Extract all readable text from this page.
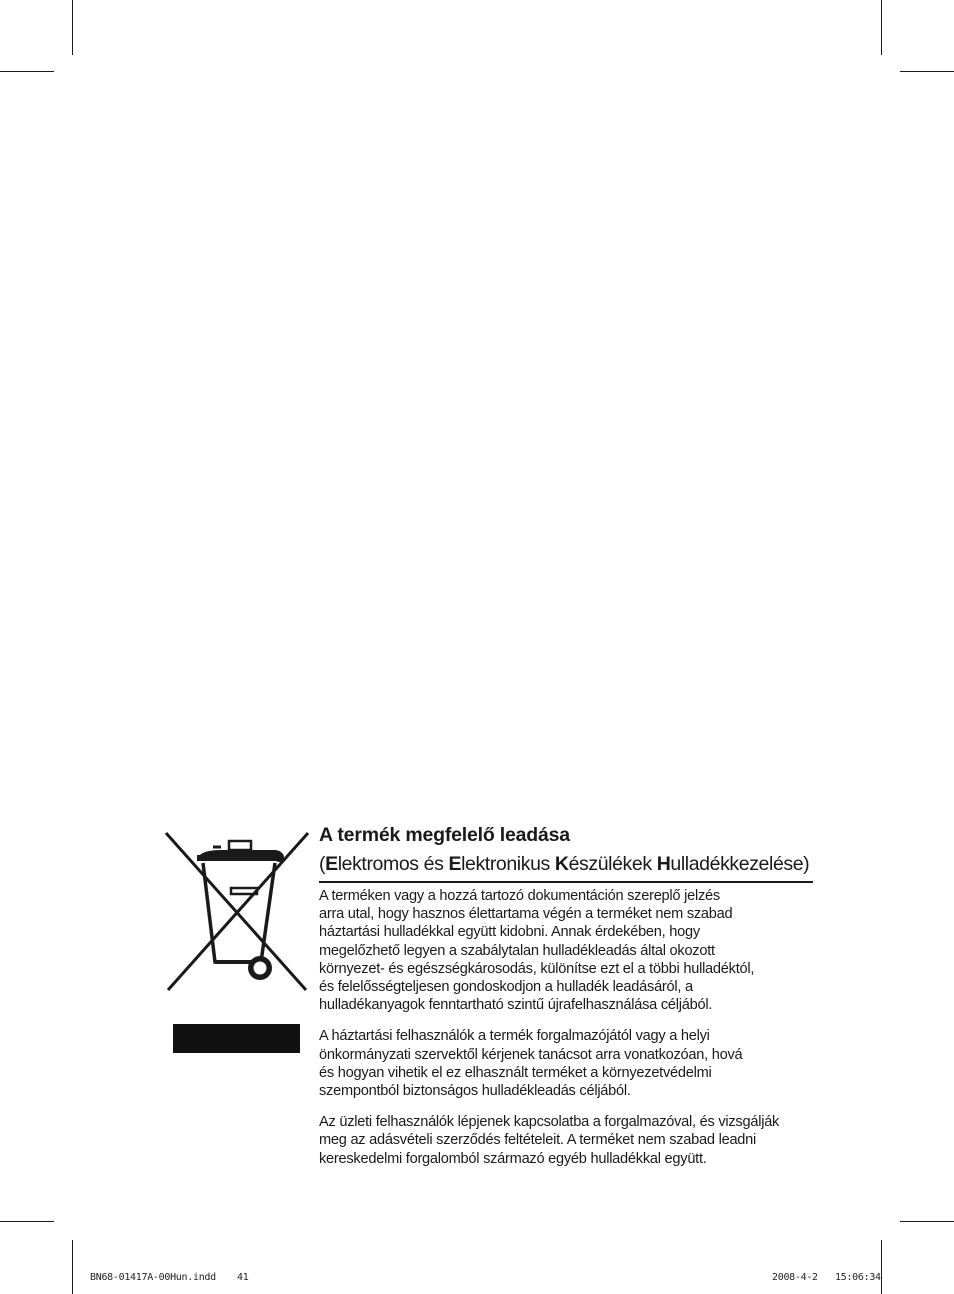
A termék megfelelő leadása
(Elektromos és Elektronikus Készülékek Hulladékkezelése)

A terméken vagy a hozzá tartozó dokumentáción szereplő jelzés
arra utal, hogy hasznos élettartama végén a terméket nem szabad
háztartási hulladékkal együtt kidobni. Annak érdekében, hogy
megelőzhető legyen a szabálytalan hulladékleadás által okozott
környezet- és egészségkárosodás, különítse ezt el a többi hulladéktól,
és felelősségteljesen gondoskodjon a hulladék leadásáról, a
hulladékanyagok fenntartható szintű újrafelhasználása céljából.

A háztartási felhasználók a termék forgalmazójától vagy a helyi
önkormányzati szervektől kérjenek tanácsot arra vonatkozóan, hová
és hogyan vihetik el ez elhasznált terméket a környezetvédelmi
szempontból biztonságos hulladékleadás céljából.

Az üzleti felhasználók lépjenek kapcsolatba a forgalmazóval, és vizsgálják
meg az adásvételi szerződés feltételeit. A terméket nem szabad leadni
kereskedelmi forgalomból származó egyéb hulladékkal együtt.

BN68-01417A-00Hun.indd 41	2008-4-2 15:06:34
